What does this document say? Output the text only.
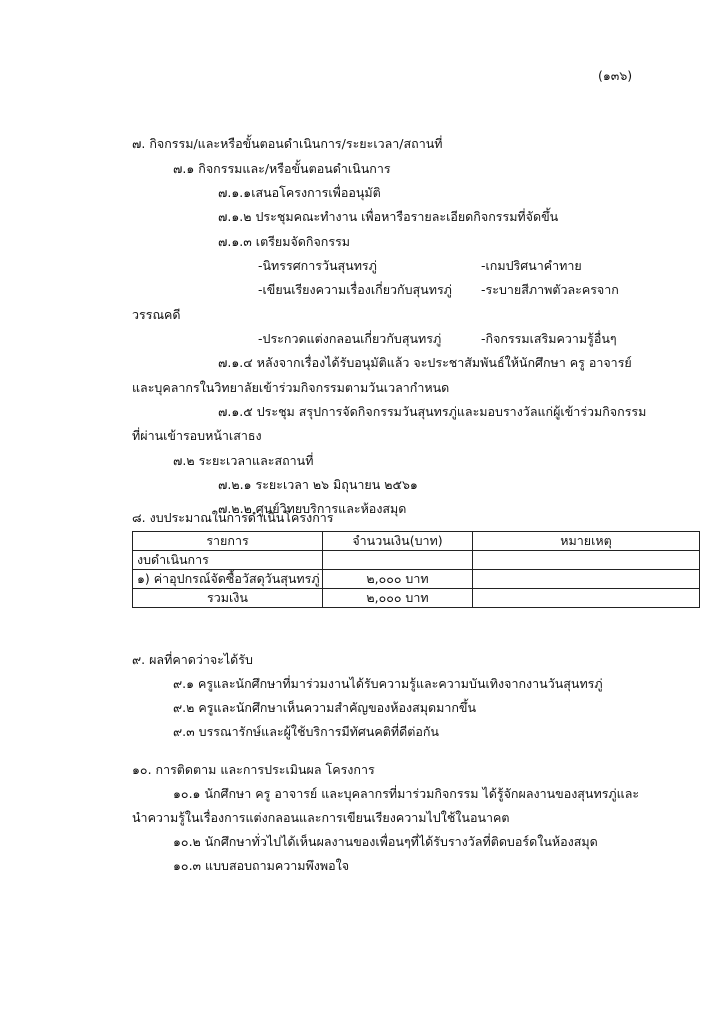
(๑๓๖)
๗. กิจกรรม/และหรือขั้นตอนดำเนินการ/ระยะเวลา/สถานที่
๗.๑ กิจกรรมและ/หรือขั้นตอนดำเนินการ
๗.๑.๑เสนอโครงการเพื่ออนุมัติ
๗.๑.๒ ประชุมคณะทำงาน เพื่อหารือรายละเอียดกิจกรรมที่จัดขึ้น
๗.๑.๓ เตรียมจัดกิจกรรม
-นิทรรศการวันสุนทรภู่	-เกมปริศนาคำทาย
-เขียนเรียงความเรื่องเกี่ยวกับสุนทรภู่ -ระบายสีภาพตัวละครจาก
วรรณคดี
-ประกวดแต่งกลอนเกี่ยวกับสุนทรภู่	-กิจกรรมเสริมความรู้อื่นๆ
๗.๑.๔ หลังจากเรื่องได้รับอนุมัติแล้ว จะประชาสัมพันธ์ให้นักศึกษา ครู อาจารย์
และบุคลากรในวิทยาลัยเข้าร่วมกิจกรรมตามวันเวลากำหนด
๗.๑.๕ ประชุม สรุปการจัดกิจกรรมวันสุนทรภู่และมอบรางวัลแก่ผู้เข้าร่วมกิจกรรม
ที่ผ่านเข้ารอบหน้าเสาธง
๗.๒ ระยะเวลาและสถานที่
๗.๒.๑ ระยะเวลา ๒๖ มิถุนายน ๒๕๖๑
๗.๒.๒ ศูนย์วิทยบริการและห้องสมุด
๘. งบประมาณในการดำเนินโครงการ
รายการ	จำนวนเงิน(บาท)	หมายเหตุ
งบดำเนินการ		
๑) ค่าอุปกรณ์จัดซื้อวัสดุวันสุนทรภู่	๒,๐๐๐ บาท	
รวมเงิน	๒,๐๐๐ บาท	
๙. ผลที่คาดว่าจะได้รับ
๙.๑ ครูและนักศึกษาที่มาร่วมงานได้รับความรู้และความบันเทิงจากงานวันสุนทรภู่
๙.๒ ครูและนักศึกษาเห็นความสำคัญของห้องสมุดมากขึ้น
๙.๓ บรรณารักษ์และผู้ใช้บริการมีทัศนคติที่ดีต่อกัน
๑๐. การติดตาม และการประเมินผล โครงการ
๑๐.๑ นักศึกษา ครู อาจารย์ และบุคลากรที่มาร่วมกิจกรรม ได้รู้จักผลงานของสุนทรภู่และ
นำความรู้ในเรื่องการแต่งกลอนและการเขียนเรียงความไปใช้ในอนาคต
๑๐.๒ นักศึกษาทั่วไปได้เห็นผลงานของเพื่อนๆที่ได้รับรางวัลที่ติดบอร์ดในห้องสมุด
๑๐.๓ แบบสอบถามความพึงพอใจ
